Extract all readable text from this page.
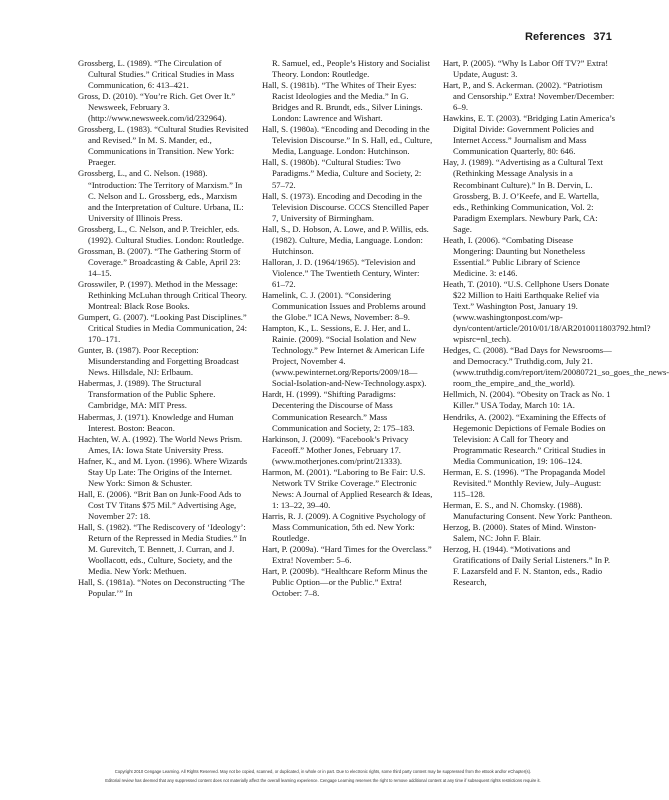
References 371

Grossberg, L. (1989). “The Circulation of Cultural Studies.” Critical Studies in Mass Communication, 6: 413–421.

Gross, D. (2010). “You’re Rich. Get Over It.” Newsweek, February 3. (http://www.newsweek.com/id/232964).

Grossberg, L. (1983). “Cultural Studies Revisited and Revised.” In M. S. Mander, ed., Communications in Transition. New York: Praeger.

Grossberg, L., and C. Nelson. (1988). “Introduction: The Territory of Marxism.” In C. Nelson and L. Grossberg, eds., Marxism and the Interpretation of Culture. Urbana, IL: University of Illinois Press.

Grossberg, L., C. Nelson, and P. Treichler, eds. (1992). Cultural Studies. London: Routledge.

Grossman, B. (2007). “The Gathering Storm of Coverage.” Broadcasting & Cable, April 23: 14–15.

Grosswiler, P. (1997). Method in the Message: Rethinking McLuhan through Critical Theory. Montreal: Black Rose Books.

Gumpert, G. (2007). “Looking Past Disciplines.” Critical Studies in Media Communication, 24: 170–171.

Gunter, B. (1987). Poor Reception: Misunderstanding and Forgetting Broadcast News. Hillsdale, NJ: Erlbaum.

Habermas, J. (1989). The Structural Transformation of the Public Sphere. Cambridge, MA: MIT Press.

Habermas, J. (1971). Knowledge and Human Interest. Boston: Beacon.

Hachten, W. A. (1992). The World News Prism. Ames, IA: Iowa State University Press.

Hafner, K., and M. Lyon. (1996). Where Wizards Stay Up Late: The Origins of the Internet. New York: Simon & Schuster.

Hall, E. (2006). “Brit Ban on Junk-Food Ads to Cost TV Titans $75 Mil.” Advertising Age, November 27: 18.

Hall, S. (1982). “The Rediscovery of ‘Ideology’: Return of the Repressed in Media Studies.” In M. Gurevitch, T. Bennett, J. Curran, and J. Woollacott, eds., Culture, Society, and the Media. New York: Methuen.

Hall, S. (1981a). “Notes on Deconstructing ‘The Popular.’” In

R. Samuel, ed., People’s History and Socialist Theory. London: Routledge.

Hall, S. (1981b). “The Whites of Their Eyes: Racist Ideologies and the Media.” In G. Bridges and R. Brundt, eds., Silver Linings. London: Lawrence and Wishart.

Hall, S. (1980a). “Encoding and Decoding in the Television Discourse.” In S. Hall, ed., Culture, Media, Language. London: Hutchinson.

Hall, S. (1980b). “Cultural Studies: Two Paradigms.” Media, Culture and Society, 2: 57–72.

Hall, S. (1973). Encoding and Decoding in the Television Discourse. CCCS Stencilled Paper 7, University of Birmingham.

Hall, S., D. Hobson, A. Lowe, and P. Willis, eds. (1982). Culture, Media, Language. London: Hutchinson.

Halloran, J. D. (1964/1965). “Television and Violence.” The Twentieth Century, Winter: 61–72.

Hamelink, C. J. (2001). “Considering Communication Issues and Problems around the Globe.” ICA News, November: 8–9.

Hampton, K., L. Sessions, E. J. Her, and L. Rainie. (2009). “Social Isolation and New Technology.” Pew Internet & American Life Project, November 4. (www.pewinternet.org/Reports/2009/18—Social-Isolation-and-New-Technology.aspx).

Hardt, H. (1999). “Shifting Paradigms: Decentering the Discourse of Mass Communication Research.” Mass Communication and Society, 2: 175–183.

Harkinson, J. (2009). “Facebook’s Privacy Faceoff.” Mother Jones, February 17. (www.motherjones.com/print/21333).

Harmon, M. (2001). “Laboring to Be Fair: U.S. Network TV Strike Coverage.” Electronic News: A Journal of Applied Research & Ideas, 1: 13–22, 39–40.

Harris, R. J. (2009). A Cognitive Psychology of Mass Communication, 5th ed. New York: Routledge.

Hart, P. (2009a). “Hard Times for the Overclass.” Extra! November: 5–6.

Hart, P. (2009b). “Healthcare Reform Minus the Public Option—or the Public.” Extra! October: 7–8.

Hart, P. (2005). “Why Is Labor Off TV?” Extra! Update, August: 3.

Hart, P., and S. Ackerman. (2002). “Patriotism and Censorship.” Extra! November/December: 6–9.

Hawkins, E. T. (2003). “Bridging Latin America’s Digital Divide: Government Policies and Internet Access.” Journalism and Mass Communication Quarterly, 80: 646.

Hay, J. (1989). “Advertising as a Cultural Text (Rethinking Message Analysis in a Recombinant Culture).” In B. Dervin, L. Grossberg, B. J. O’Keefe, and E. Wartella, eds., Rethinking Communication, Vol. 2: Paradigm Exemplars. Newbury Park, CA: Sage.

Heath, I. (2006). “Combating Disease Mongering: Daunting but Nonetheless Essential.” Public Library of Science Medicine. 3: e146.

Heath, T. (2010). “U.S. Cellphone Users Donate $22 Million to Haiti Earthquake Relief via Text.” Washington Post, January 19. (www.washingtonpost.com/wp-dyn/content/article/2010/01/18/AR2010011803792.html?wpisrc=nl_tech).

Hedges, C. (2008). “Bad Days for Newsrooms—and Democracy.” Truthdig.com, July 21. (www.truthdig.com/report/item/20080721_so_goes_the_news-room_the_empire_and_the_world).

Hellmich, N. (2004). “Obesity on Track as No. 1 Killer.” USA Today, March 10: 1A.

Hendriks, A. (2002). “Examining the Effects of Hegemonic Depictions of Female Bodies on Television: A Call for Theory and Programmatic Research.” Critical Studies in Media Communication, 19: 106–124.

Herman, E. S. (1996). “The Propaganda Model Revisited.” Monthly Review, July–August: 115–128.

Herman, E. S., and N. Chomsky. (1988). Manufacturing Consent. New York: Pantheon.

Herzog, B. (2000). States of Mind. Winston-Salem, NC: John F. Blair.

Herzog, H. (1944). “Motivations and Gratifications of Daily Serial Listeners.” In P. F. Lazarsfeld and F. N. Stanton, eds., Radio Research,

Copyright 2010 Cengage Learning. All Rights Reserved. May not be copied, scanned, or duplicated, in whole or in part. Due to electronic rights, some third party content may be suppressed from the eBook and/or eChapter(s).
Editorial review has deemed that any suppressed content does not materially affect the overall learning experience. Cengage Learning reserves the right to remove additional content at any time if subsequent rights restrictions require it.
